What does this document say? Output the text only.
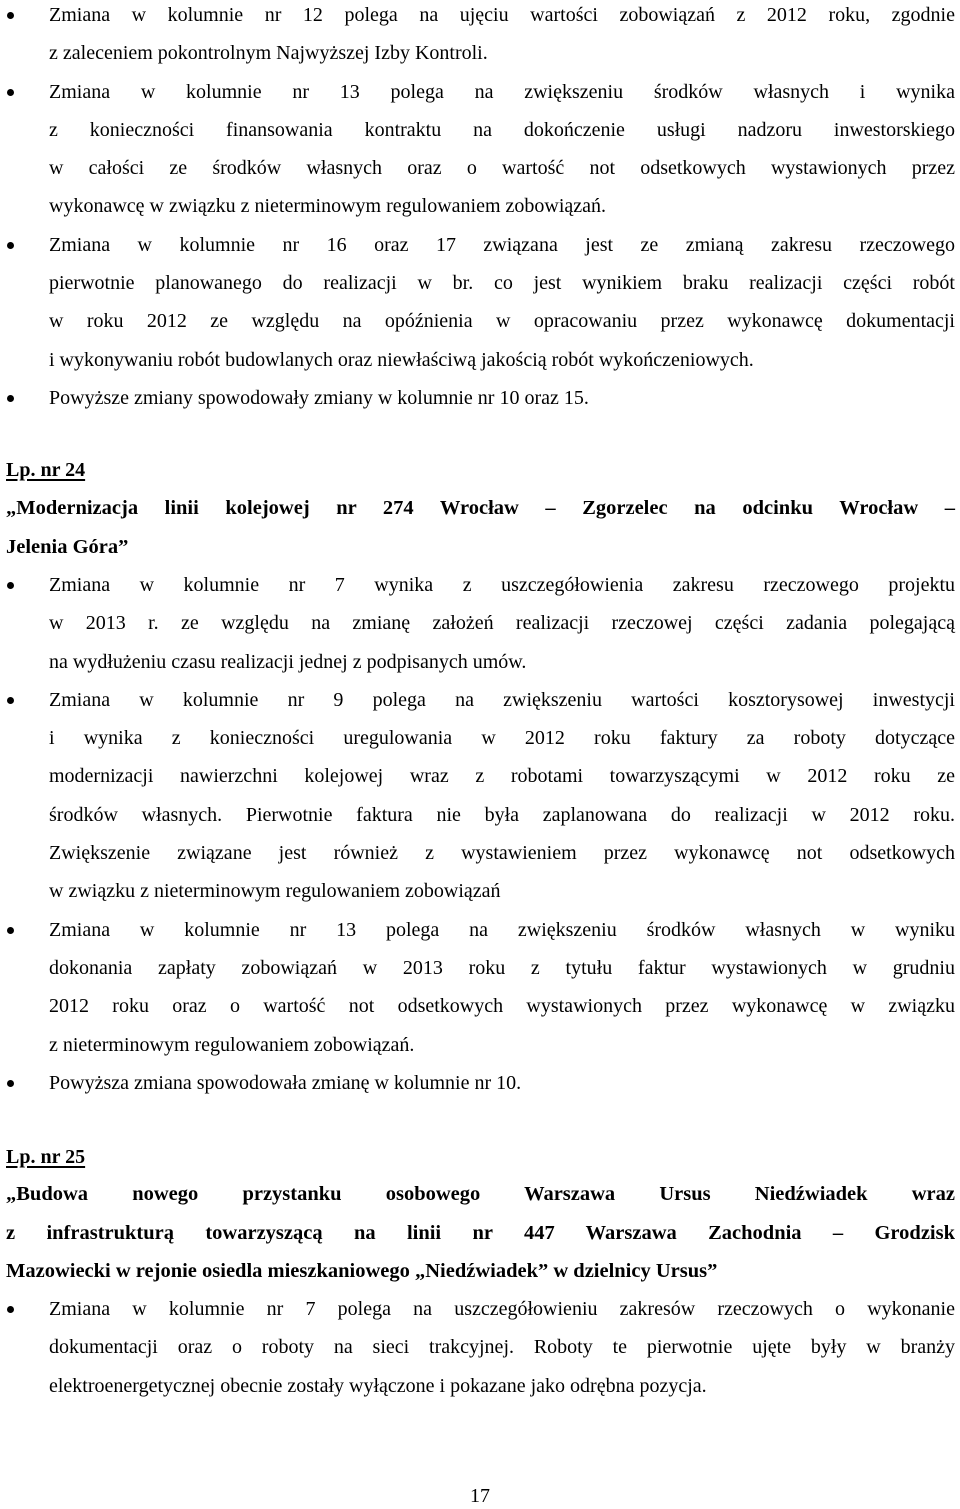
Zmiana w kolumnie nr 12 polega na ujęciu wartości zobowiązań z 2012 roku, zgodnie
z zaleceniem pokontrolnym Najwyższej Izby Kontroli.
Zmiana w kolumnie nr 13 polega na zwiększeniu środków własnych i wynika
z konieczności finansowania kontraktu na dokończenie usługi nadzoru inwestorskiego
w całości ze środków własnych oraz o wartość not odsetkowych wystawionych przez
wykonawcę w związku z nieterminowym regulowaniem zobowiązań.
Zmiana w kolumnie nr 16 oraz 17 związana jest ze zmianą zakresu rzeczowego
pierwotnie planowanego do realizacji w br. co jest wynikiem braku realizacji części robót
w roku 2012 ze względu na opóźnienia w opracowaniu przez wykonawcę dokumentacji
i wykonywaniu robót budowlanych oraz niewłaściwą jakością robót wykończeniowych.
Powyższe zmiany spowodowały zmiany w kolumnie nr 10 oraz 15.
Lp. nr 24
„Modernizacja linii kolejowej nr 274 Wrocław – Zgorzelec na odcinku Wrocław –
Jelenia Góra”
Zmiana w kolumnie nr 7 wynika z uszczegółowienia zakresu rzeczowego projektu
w 2013 r. ze względu na zmianę założeń realizacji rzeczowej części zadania polegającą
na wydłużeniu czasu realizacji jednej z podpisanych umów.
Zmiana w kolumnie nr 9 polega na zwiększeniu wartości kosztorysowej inwestycji
i wynika z konieczności uregulowania w 2012 roku faktury za roboty dotyczące
modernizacji nawierzchni kolejowej wraz z robotami towarzyszącymi w 2012 roku ze
środków własnych. Pierwotnie faktura nie była zaplanowana do realizacji w 2012 roku.
Zwiększenie związane jest również z wystawieniem przez wykonawcę not odsetkowych
w związku z nieterminowym regulowaniem zobowiązań
Zmiana w kolumnie nr 13 polega na zwiększeniu środków własnych w wyniku
dokonania zapłaty zobowiązań w 2013 roku z tytułu faktur wystawionych w grudniu
2012 roku oraz o wartość not odsetkowych wystawionych przez wykonawcę w związku
z nieterminowym regulowaniem zobowiązań.
Powyższa zmiana spowodowała zmianę w kolumnie nr 10.
Lp. nr 25
„Budowa nowego przystanku osobowego Warszawa Ursus Niedźwiadek wraz
z infrastrukturą towarzyszącą na linii nr 447 Warszawa Zachodnia – Grodzisk
Mazowiecki w rejonie osiedla mieszkaniowego „Niedźwiadek” w dzielnicy Ursus”
Zmiana w kolumnie nr 7 polega na uszczegółowieniu zakresów rzeczowych o wykonanie
dokumentacji oraz o roboty na sieci trakcyjnej. Roboty te pierwotnie ujęte były w branży
elektroenergetycznej obecnie zostały wyłączone i pokazane jako odrębna pozycja.
17
